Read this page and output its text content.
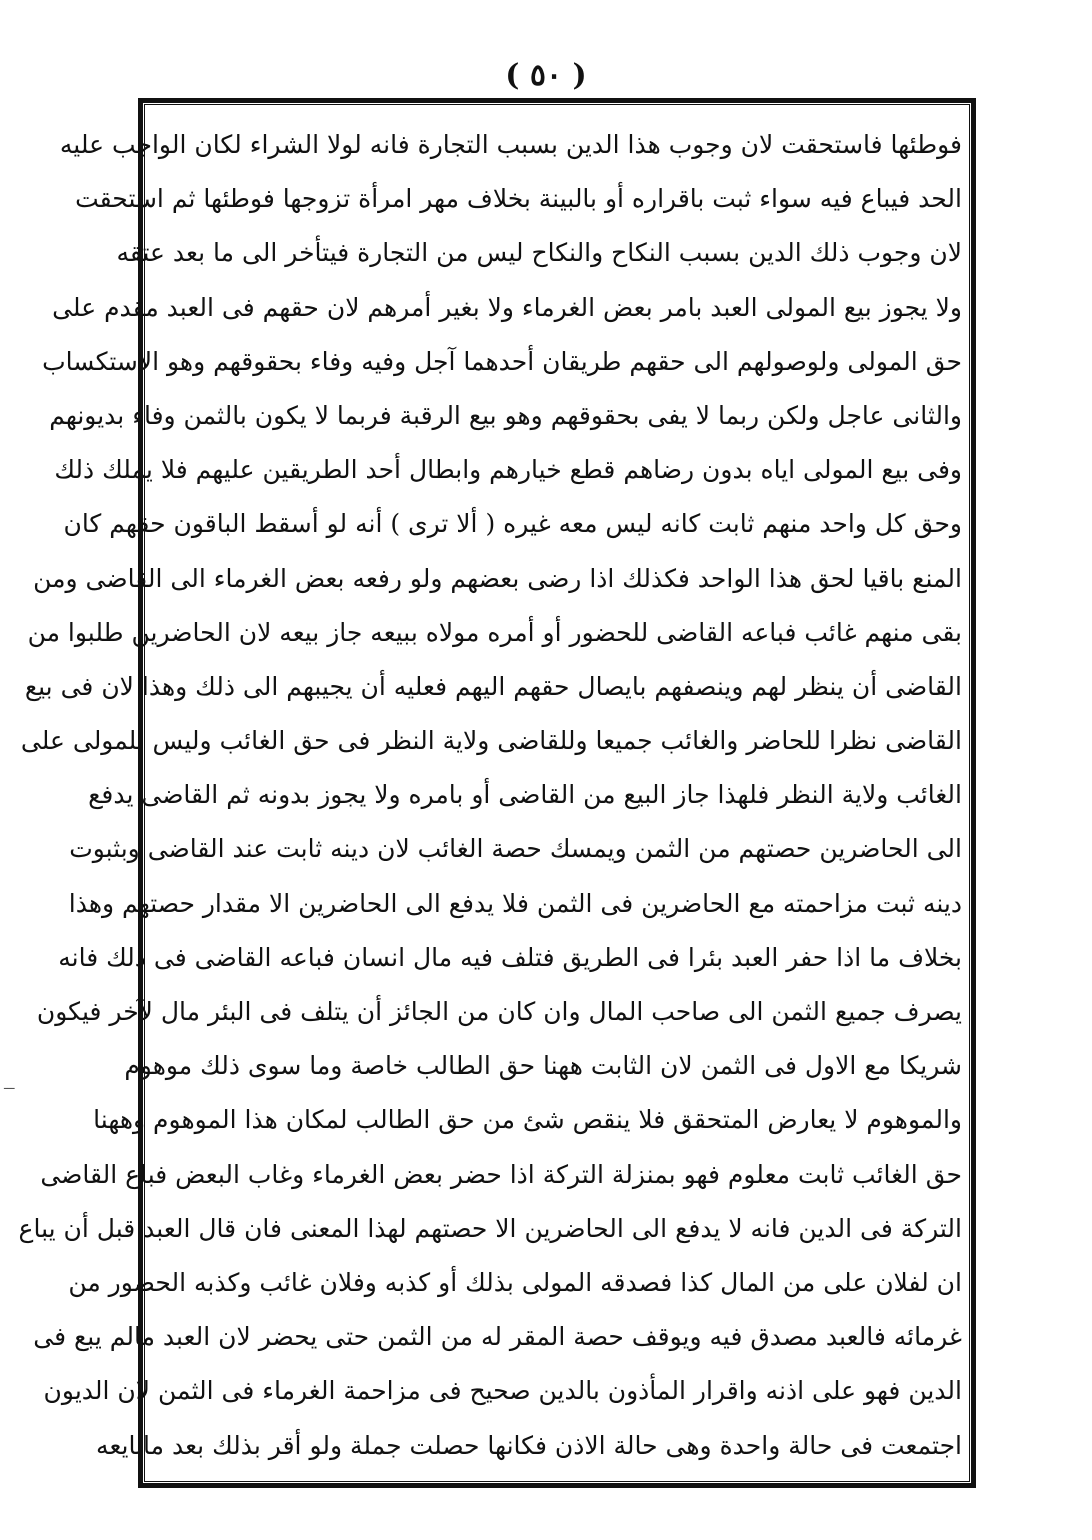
( ٥٠ )
فوطئها فاستحقت لان وجوب هذا الدين بسبب التجارة فانه لولا الشراء لكان الواجب عليه
الحد فيباع فيه سواء ثبت باقراره أو بالبينة بخلاف مهر امرأة تزوجها فوطئها ثم استحقت
لان وجوب ذلك الدين بسبب النكاح والنكاح ليس من التجارة فيتأخر الى ما بعد عتقه
ولا يجوز بيع المولى العبد بامر بعض الغرماء ولا بغير أمرهم لان حقهم فى العبد مقدم على
حق المولى ولوصولهم الى حقهم طريقان أحدهما آجل وفيه وفاء بحقوقهم وهو الاستكساب
والثانى عاجل ولكن ربما لا يفى بحقوقهم وهو بيع الرقبة فربما لا يكون بالثمن وفاء بديونهم
وفى بيع المولى اياه بدون رضاهم قطع خيارهم وابطال أحد الطريقين عليهم فلا يملك ذلك
وحق كل واحد منهم ثابت كانه ليس معه غيره ( ألا ترى ) أنه لو أسقط الباقون حقهم كان
المنع باقيا لحق هذا الواحد فكذلك اذا رضى بعضهم ولو رفعه بعض الغرماء الى القاضى ومن
بقى منهم غائب فباعه القاضى للحضور أو أمره مولاه ببيعه جاز بيعه لان الحاضرين طلبوا من
القاضى أن ينظر لهم وينصفهم بايصال حقهم اليهم فعليه أن يجيبهم الى ذلك وهذا لان فى بيع
القاضى نظرا للحاضر والغائب جميعا وللقاضى ولاية النظر فى حق الغائب وليس للمولى على
الغائب ولاية النظر فلهذا جاز البيع من القاضى أو بامره ولا يجوز بدونه ثم القاضى يدفع
الى الحاضرين حصتهم من الثمن ويمسك حصة الغائب لان دينه ثابت عند القاضى وبثبوت
دينه ثبت مزاحمته مع الحاضرين فى الثمن فلا يدفع الى الحاضرين الا مقدار حصتهم وهذا
بخلاف ما اذا حفر العبد بئرا فى الطريق فتلف فيه مال انسان فباعه القاضى فى ذلك فانه
يصرف جميع الثمن الى صاحب المال وان كان من الجائز أن يتلف فى البئر مال لآخر فيكون
شريكا مع الاول فى الثمن لان الثابت ههنا حق الطالب خاصة وما سوى ذلك موهوم
والموهوم لا يعارض المتحقق فلا ينقص شئ من حق الطالب لمكان هذا الموهوم وههنا
حق الغائب ثابت معلوم فهو بمنزلة التركة اذا حضر بعض الغرماء وغاب البعض فباع القاضى
التركة فى الدين فانه لا يدفع الى الحاضرين الا حصتهم لهذا المعنى فان قال العبد قبل أن يباع
ان لفلان على من المال كذا فصدقه المولى بذلك أو كذبه وفلان غائب وكذبه الحضور من
غرمائه فالعبد مصدق فيه ويوقف حصة المقر له من الثمن حتى يحضر لان العبد مالم يبع فى
الدين فهو على اذنه واقرار المأذون بالدين صحيح فى مزاحمة الغرماء فى الثمن لان الديون
اجتمعت فى حالة واحدة وهى حالة الاذن فكانها حصلت جملة ولو أقر بذلك بعد مابايعه
ـــ
